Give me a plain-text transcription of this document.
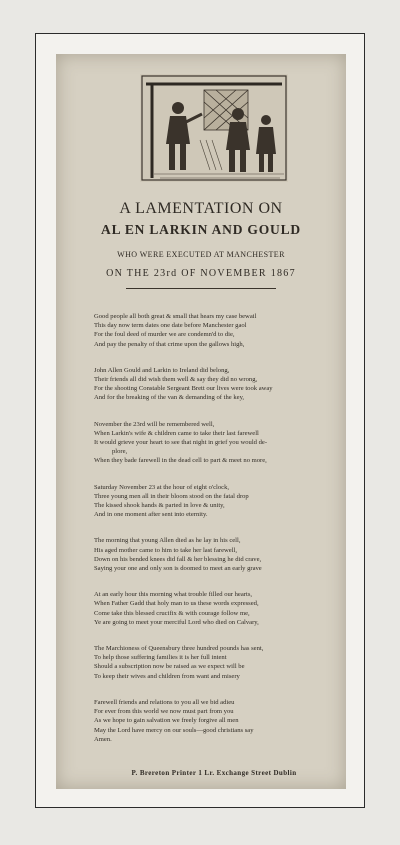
A LAMENTATION ON
AL EN LARKIN AND GOULD
WHO WERE EXECUTED AT MANCHESTER
ON THE 23rd OF NOVEMBER 1867
Good people all both great & small that hears my case bewail
This day now term dates one date before Manchester gaol
For the foul deed of murder we are condemn'd to die,
And pay the penalty of that crime upon the gallows high,
John Allen Gould and Larkin to Ireland did belong,
Their friends all did wish them well & say they did no wrong,
For the shooting Constable Sergeant Brett our lives were took away
And for the breaking of the van & demanding of the key,
November the 23rd will be remembered well,
When Larkin's wife & children came to take their last farewell
It would grieve your heart to see that night in grief you would de-
plore,
When they bade farewell in the dead cell to part & meet no more,
Saturday November 23 at the hour of eight o'clock,
Three young men all in their bloom stood on the fatal drop
The kissed shook hands & parted in love & unity,
And in one moment after sent into eternity.
The morning that young Allen died as he lay in his cell,
His aged mother came to him to take her last farewell,
Down on his bended knees did fall & her blessing he did crave,
Saying your one and only son is doomed to meet an early grave
At an early hour this morning what trouble filled our hearts,
When Father Gadd that holy man to us these words expressed,
Come take this blessed crucifix & with courage follow me,
Ye are going to meet your merciful Lord who died on Calvary,
The Marchioness of Queensbury three hundred pounds has sent,
To help those suffering families it is her full intent
Should a subscription now be raised as we expect will be
To keep their wives and children from want and misery
Farewell friends and relations to you all we bid adieu
For ever from this world we now must part from you
As we hope to gain salvation we freely forgive all men
May the Lord have mercy on our souls—good christians say
Amen.
P. Brereton Printer 1 Lr. Exchange Street Dublin
